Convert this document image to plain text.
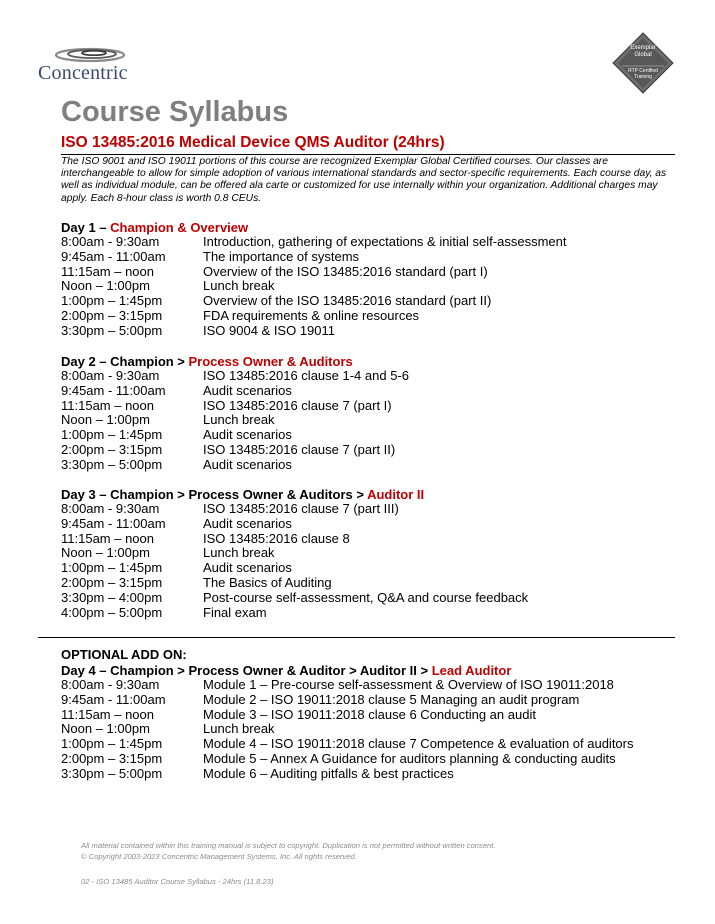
Concentric
Exemplar
Global
RTP Certified
Training
Course Syllabus
ISO 13485:2016 Medical Device QMS Auditor (24hrs)
The ISO 9001 and ISO 19011 portions of this course are recognized Exemplar Global Certified courses. Our classes are interchangeable to allow for simple adoption of various international standards and sector-specific requirements. Each course day, as well as individual module, can be offered ala carte or customized for use internally within your organization. Additional charges may apply. Each 8-hour class is worth 0.8 CEUs.
Day 1 – Champion & Overview
8:00am - 9:30am	Introduction, gathering of expectations & initial self-assessment
9:45am - 11:00am	The importance of systems
11:15am – noon	Overview of the ISO 13485:2016 standard (part I)
Noon – 1:00pm	Lunch break
1:00pm – 1:45pm	Overview of the ISO 13485:2016 standard (part II)
2:00pm – 3:15pm	FDA requirements & online resources
3:30pm – 5:00pm	ISO 9004 & ISO 19011
Day 2 – Champion > Process Owner & Auditors
8:00am - 9:30am	ISO 13485:2016 clause 1-4 and 5-6
9:45am - 11:00am	Audit scenarios
11:15am – noon	ISO 13485:2016 clause 7 (part I)
Noon – 1:00pm	Lunch break
1:00pm – 1:45pm	Audit scenarios
2:00pm – 3:15pm	ISO 13485:2016 clause 7 (part II)
3:30pm – 5:00pm	Audit scenarios
Day 3 – Champion > Process Owner & Auditors > Auditor II
8:00am - 9:30am	ISO 13485:2016 clause 7 (part III)
9:45am - 11:00am	Audit scenarios
11:15am – noon	ISO 13485:2016 clause 8
Noon – 1:00pm	Lunch break
1:00pm – 1:45pm	Audit scenarios
2:00pm – 3:15pm	The Basics of Auditing
3:30pm – 4:00pm	Post-course self-assessment, Q&A and course feedback
4:00pm – 5:00pm	Final exam
OPTIONAL ADD ON:
Day 4 – Champion > Process Owner & Auditor > Auditor II > Lead Auditor
8:00am - 9:30am	Module 1 – Pre-course self-assessment & Overview of ISO 19011:2018
9:45am - 11:00am	Module 2 – ISO 19011:2018 clause 5 Managing an audit program
11:15am – noon	Module 3 – ISO 19011:2018 clause 6 Conducting an audit
Noon – 1:00pm	Lunch break
1:00pm – 1:45pm	Module 4 – ISO 19011:2018 clause 7 Competence & evaluation of auditors
2:00pm – 3:15pm	Module 5 – Annex A Guidance for auditors planning & conducting audits
3:30pm – 5:00pm	Module 6 – Auditing pitfalls & best practices
All material contained within this training manual is subject to copyright. Duplication is not permitted without written consent.
© Copyright 2003-2023 Concentric Management Systems, Inc. All rights reserved.
02 - ISO 13485 Auditor Course Syllabus - 24hrs (11.8.23)
